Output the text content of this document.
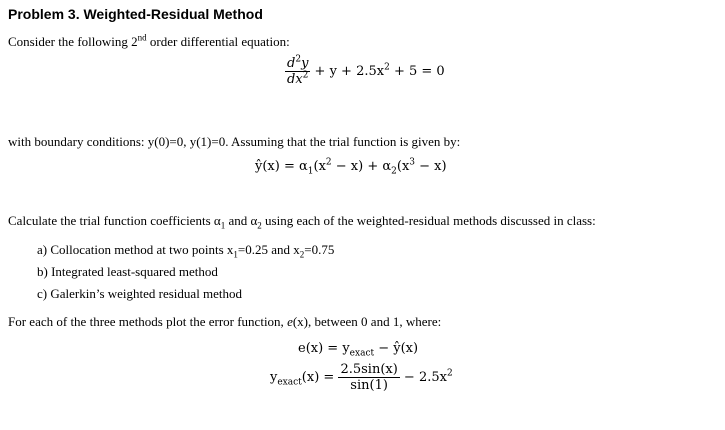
Problem 3. Weighted-Residual Method
Consider the following 2nd order differential equation:
$\frac{d^2y}{dx^2} + y + 2.5x^2 + 5 = 0$
with boundary conditions: y(0)=0, y(1)=0. Assuming that the trial function is given by:
ŷ(x) = $\alpha_1(x^2 - x) + \alpha_2(x^3 - x)$
Calculate the trial function coefficients $\alpha_1$ and $\alpha_2$ using each of the weighted-residual methods discussed in class:
a) Collocation method at two points $x_1=0.25$ and $x_2=0.75$
b) Integrated least-squared method
c) Galerkin’s weighted residual method
For each of the three methods plot the error function, e(x), between 0 and 1, where:
$e(x) = y_{exact}$ − ŷ(x)
$y_{exact}(x) = \frac{2.5\sin(x)}{\sin(1)} - 2.5x^2$
